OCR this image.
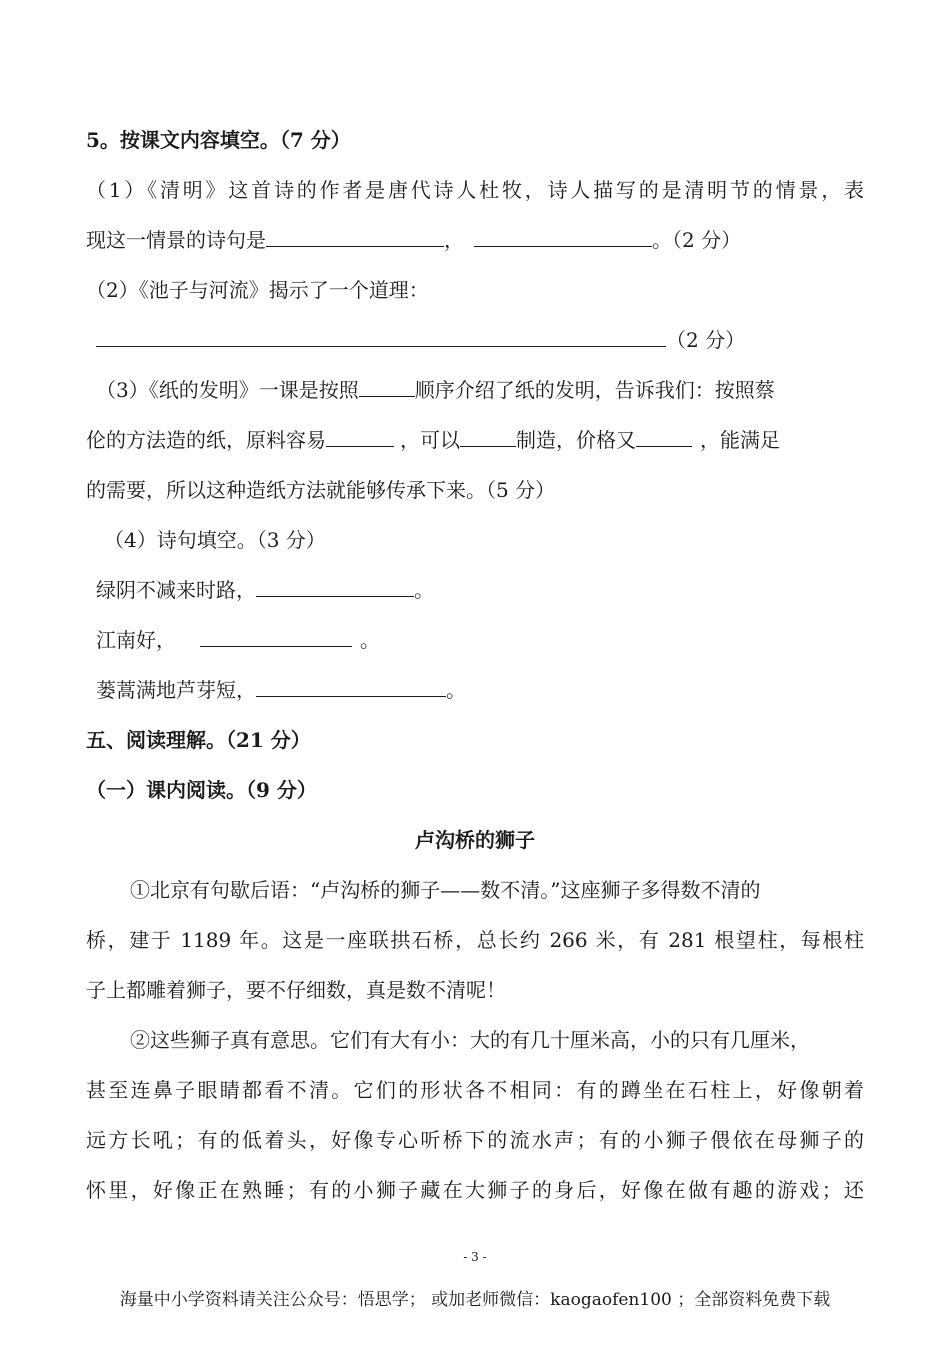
5。按课文内容填空。（7 分）
（1）《清明》这首诗的作者是唐代诗人杜牧，诗人描写的是清明节的情景，表
现这一情景的诗句是	，	。（2 分）
（2）《池子与河流》揭示了一个道理：
（2 分）
（3）《纸的发明》一课是按照	顺序介绍了纸的发明，告诉我们：按照蔡
伦的方法造的纸，原料容易	，可以	制造，价格又	，能满足
的需要，所以这种造纸方法就能够传承下来。（5 分）
（4）诗句填空。（3 分）
绿阴不减来时路，	。
江南好，	。
蒌蒿满地芦芽短，	。
五、阅读理解。（21 分）
（一）课内阅读。（9 分）
卢沟桥的狮子
①北京有句歇后语：“卢沟桥的狮子——数不清。”这座狮子多得数不清的
桥，建于 1189 年。这是一座联拱石桥，总长约 266 米，有 281 根望柱，每根柱
子上都雕着狮子，要不仔细数，真是数不清呢！
②这些狮子真有意思。它们有大有小：大的有几十厘米高，小的只有几厘米，
甚至连鼻子眼睛都看不清。它们的形状各不相同：有的蹲坐在石柱上，好像朝着
远方长吼；有的低着头，好像专心听桥下的流水声；有的小狮子偎依在母狮子的
怀里，好像正在熟睡；有的小狮子藏在大狮子的身后，好像在做有趣的游戏；还
- 3 -
海量中小学资料请关注公众号：悟思学； 或加老师微信：kaogaofen100 ；全部资料免费下载
